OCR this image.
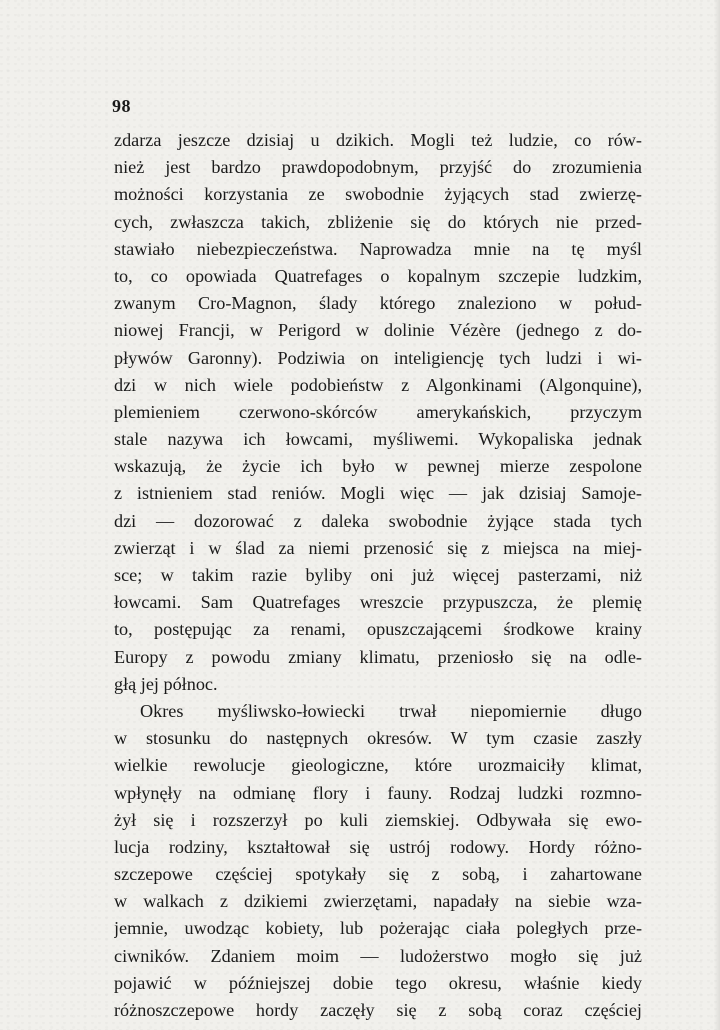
98
zdarza jeszcze dzisiaj u dzikich. Mogli też ludzie, co rów-
nież jest bardzo prawdopodobnym, przyjść do zrozumienia
możności korzystania ze swobodnie żyjących stad zwierzę-
cych, zwłaszcza takich, zbliżenie się do których nie przed-
stawiało niebezpieczeństwa. Naprowadza mnie na tę myśl
to, co opowiada Quatrefages o kopalnym szczepie ludzkim,
zwanym Cro-Magnon, ślady którego znaleziono w połud-
niowej Francji, w Perigord w dolinie Vézère (jednego z do-
pływów Garonny). Podziwia on inteligiencję tych ludzi i wi-
dzi w nich wiele podobieństw z Algonkinami (Algonquine),
plemieniem czerwono-skórców amerykańskich, przyczym
stale nazywa ich łowcami, myśliwemi. Wykopaliska jednak
wskazują, że życie ich było w pewnej mierze zespolone
z istnieniem stad reniów. Mogli więc — jak dzisiaj Samoje-
dzi — dozorować z daleka swobodnie żyjące stada tych
zwierząt i w ślad za niemi przenosić się z miejsca na miej-
sce; w takim razie byliby oni już więcej pasterzami, niż
łowcami. Sam Quatrefages wreszcie przypuszcza, że plemię
to, postępując za renami, opuszczającemi środkowe krainy
Europy z powodu zmiany klimatu, przeniosło się na odle-
głą jej północ.
Okres myśliwsko-łowiecki trwał niepomiernie długo
w stosunku do następnych okresów. W tym czasie zaszły
wielkie rewolucje gieologiczne, które urozmaiciły klimat,
wpłynęły na odmianę flory i fauny. Rodzaj ludzki rozmno-
żył się i rozszerzył po kuli ziemskiej. Odbywała się ewo-
lucja rodziny, kształtował się ustrój rodowy. Hordy różno-
szczepowe częściej spotykały się z sobą, i zahartowane
w walkach z dzikiemi zwierzętami, napadały na siebie wza-
jemnie, uwodząc kobiety, lub pożerając ciała poległych prze-
ciwników. Zdaniem moim — ludożerstwo mogło się już
pojawić w późniejszej dobie tego okresu, właśnie kiedy
różnoszczepowe hordy zaczęły się z sobą coraz częściej
